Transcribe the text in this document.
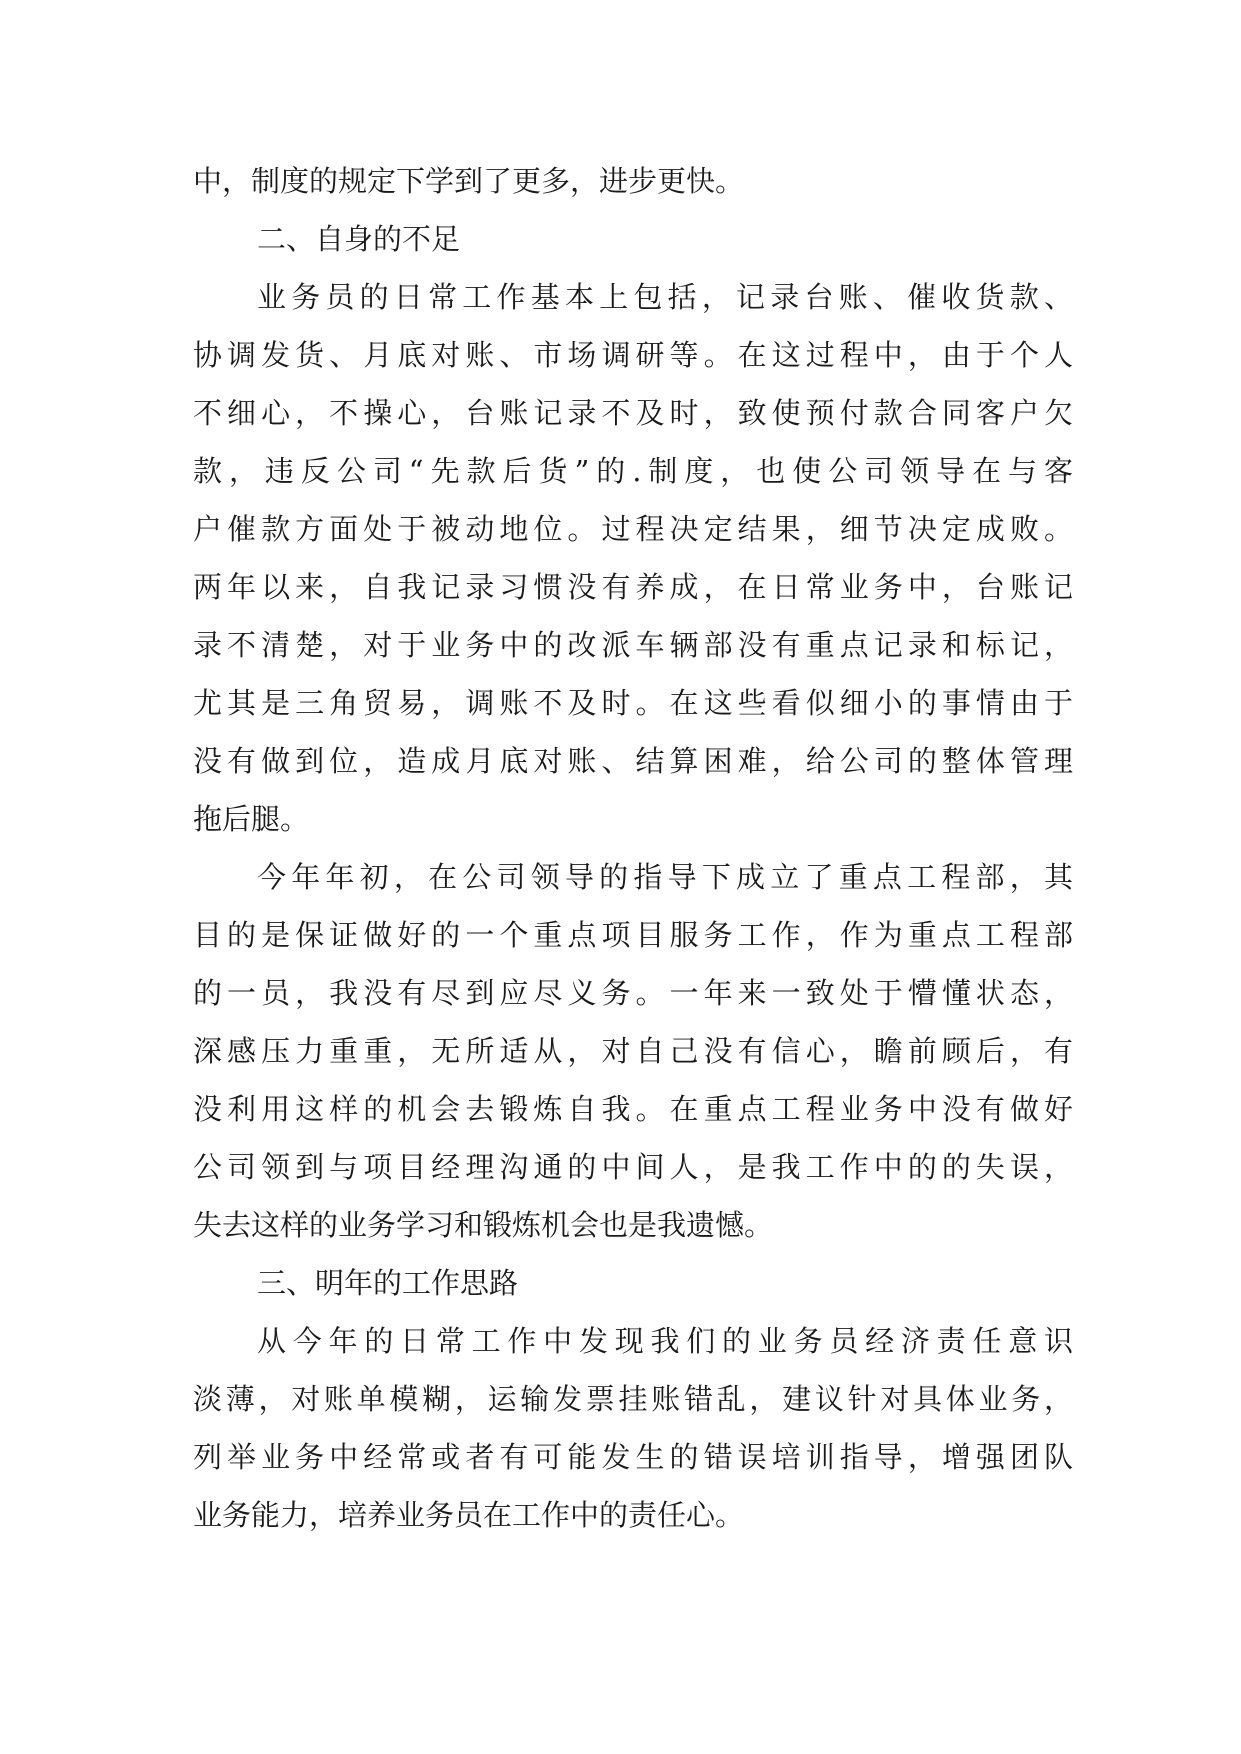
中，制度的规定下学到了更多，进步更快。
二、自身的不足
业务员的日常工作基本上包括，记录台账、催收货款、
协调发货、月底对账、市场调研等。在这过程中，由于个人
不细心，不操心，台账记录不及时，致使预付款合同客户欠
款，违反公司“先款后货”的.制度，也使公司领导在与客
户催款方面处于被动地位。过程决定结果，细节决定成败。
两年以来，自我记录习惯没有养成，在日常业务中，台账记
录不清楚，对于业务中的改派车辆部没有重点记录和标记，
尤其是三角贸易，调账不及时。在这些看似细小的事情由于
没有做到位，造成月底对账、结算困难，给公司的整体管理
拖后腿。
今年年初，在公司领导的指导下成立了重点工程部，其
目的是保证做好的一个重点项目服务工作，作为重点工程部
的一员，我没有尽到应尽义务。一年来一致处于懵懂状态，
深感压力重重，无所适从，对自己没有信心，瞻前顾后，有
没利用这样的机会去锻炼自我。在重点工程业务中没有做好
公司领到与项目经理沟通的中间人，是我工作中的的失误，
失去这样的业务学习和锻炼机会也是我遗憾。
三、明年的工作思路
从今年的日常工作中发现我们的业务员经济责任意识
淡薄，对账单模糊，运输发票挂账错乱，建议针对具体业务，
列举业务中经常或者有可能发生的错误培训指导，增强团队
业务能力，培养业务员在工作中的责任心。
